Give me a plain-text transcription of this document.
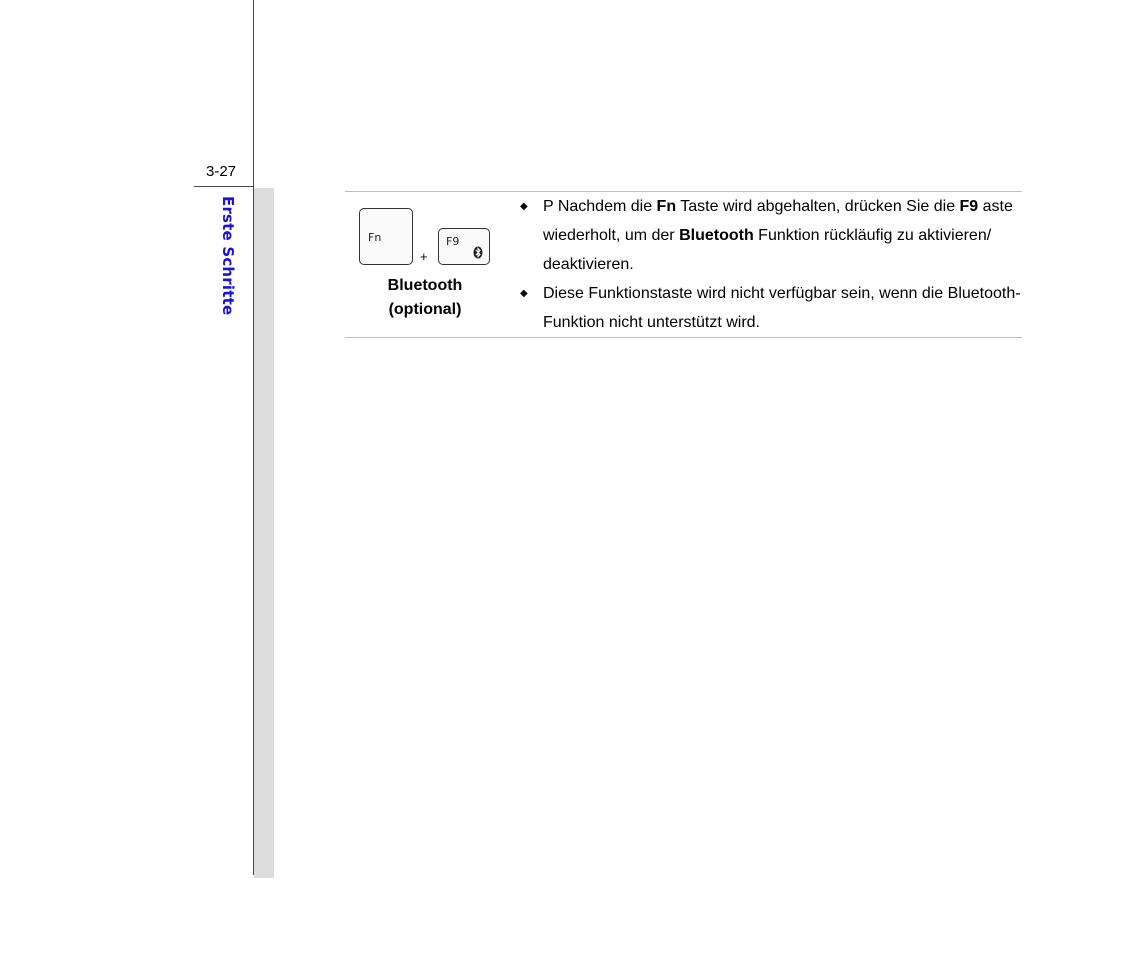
3-27
Erste Schritte	Fn
+
F9
Bluetooth
(optional)
◆ P Nachdem die Fn Taste wird abgehalten, drücken Sie die F9 aste wiederholt, um der Bluetooth Funktion rückläufig zu aktivieren/ deaktivieren.
◆ Diese Funktionstaste wird nicht verfügbar sein, wenn die Bluetooth-Funktion nicht unterstützt wird.
